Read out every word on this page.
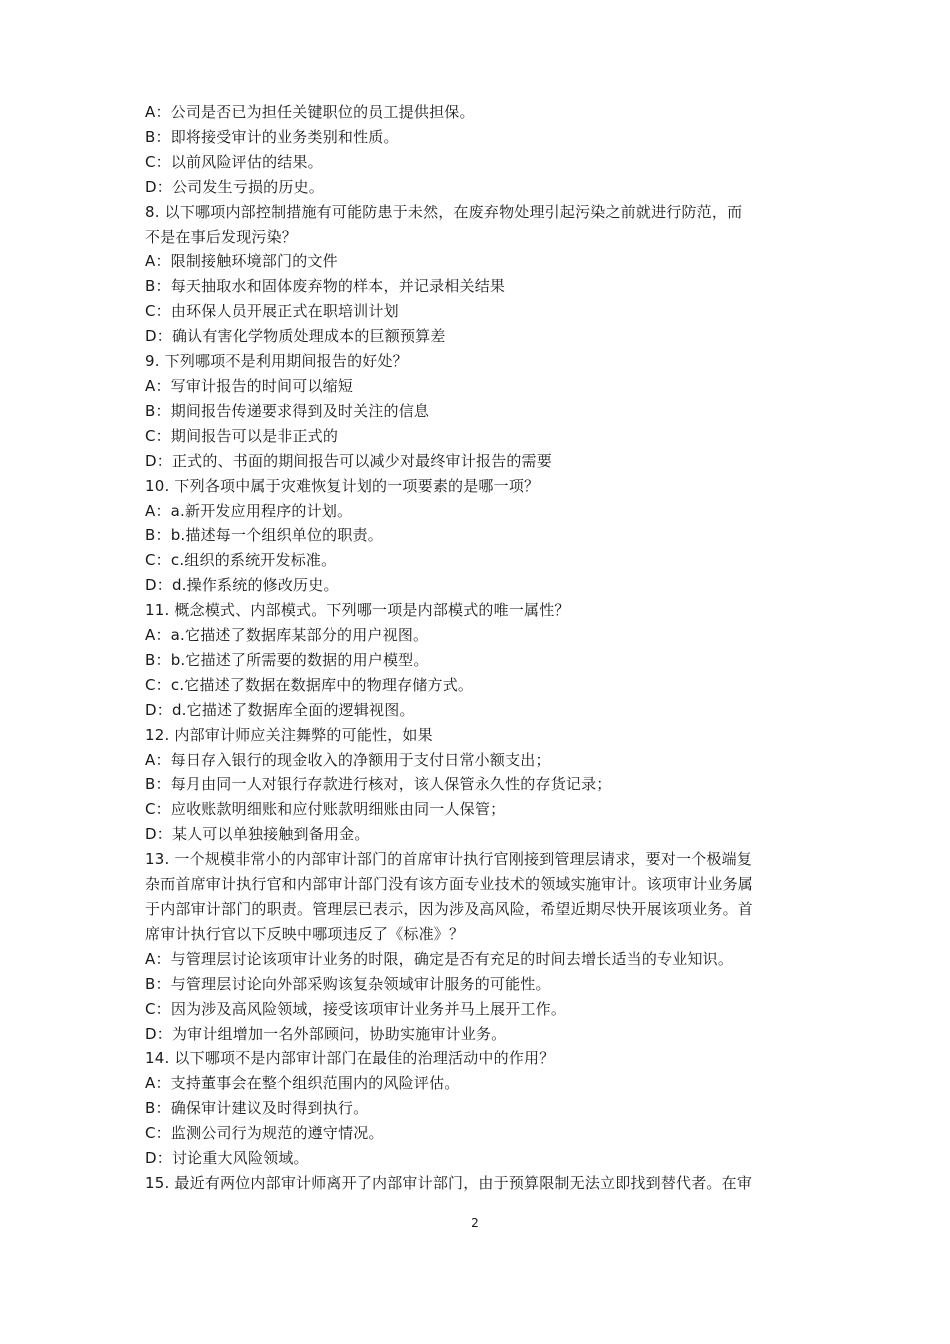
A：公司是否已为担任关键职位的员工提供担保。
B：即将接受审计的业务类别和性质。
C：以前风险评估的结果。
D：公司发生亏损的历史。
8. 以下哪项内部控制措施有可能防患于未然，在废弃物处理引起污染之前就进行防范，而
不是在事后发现污染？
A：限制接触环境部门的文件
B：每天抽取水和固体废弃物的样本，并记录相关结果
C：由环保人员开展正式在职培训计划
D：确认有害化学物质处理成本的巨额预算差
9. 下列哪项不是利用期间报告的好处？
A：写审计报告的时间可以缩短
B：期间报告传递要求得到及时关注的信息
C：期间报告可以是非正式的
D：正式的、书面的期间报告可以减少对最终审计报告的需要
10. 下列各项中属于灾难恢复计划的一项要素的是哪一项？
A：a.新开发应用程序的计划。
B：b.描述每一个组织单位的职责。
C：c.组织的系统开发标准。
D：d.操作系统的修改历史。
11. 概念模式、内部模式。下列哪一项是内部模式的唯一属性？
A：a.它描述了数据库某部分的用户视图。
B：b.它描述了所需要的数据的用户模型。
C：c.它描述了数据在数据库中的物理存储方式。
D：d.它描述了数据库全面的逻辑视图。
12. 内部审计师应关注舞弊的可能性，如果
A：每日存入银行的现金收入的净额用于支付日常小额支出；
B：每月由同一人对银行存款进行核对，该人保管永久性的存货记录；
C：应收账款明细账和应付账款明细账由同一人保管；
D：某人可以单独接触到备用金。
13. 一个规模非常小的内部审计部门的首席审计执行官刚接到管理层请求，要对一个极端复
杂而首席审计执行官和内部审计部门没有该方面专业技术的领域实施审计。该项审计业务属
于内部审计部门的职责。管理层已表示，因为涉及高风险，希望近期尽快开展该项业务。首
席审计执行官以下反映中哪项违反了《标准》？
A：与管理层讨论该项审计业务的时限，确定是否有充足的时间去增长适当的专业知识。
B：与管理层讨论向外部采购该复杂领域审计服务的可能性。
C：因为涉及高风险领域，接受该项审计业务并马上展开工作。
D：为审计组增加一名外部顾问，协助实施审计业务。
14. 以下哪项不是内部审计部门在最佳的治理活动中的作用？
A：支持董事会在整个组织范围内的风险评估。
B：确保审计建议及时得到执行。
C：监测公司行为规范的遵守情况。
D：讨论重大风险领域。
15. 最近有两位内部审计师离开了内部审计部门，由于预算限制无法立即找到替代者。在审
2
